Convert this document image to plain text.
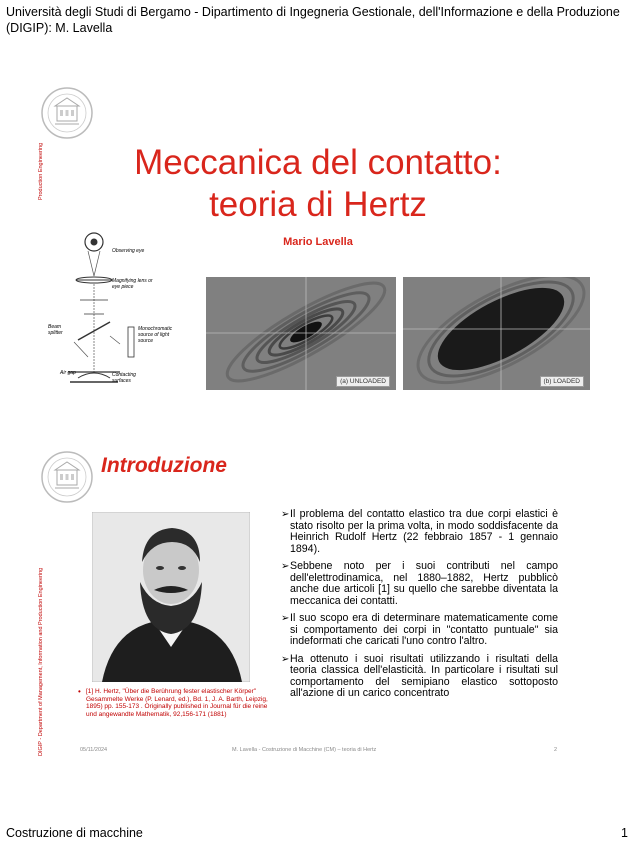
Università degli Studi di Bergamo - Dipartimento di Ingegneria Gestionale, dell'Informazione e della Produzione (DIGIP): M. Lavella
Production Engineering	Meccanica del contatto:
teoria di Hertz
Mario Lavella
Observing eye
Magnifying lens or eye piece
Beam splitter
Monochromatic source of light source
Air gap	Contacting surfaces	(a) UNLOADED	(b) LOADED
DIGIP - Department of Management, Information and Production Engineering
Introduzione
• [1] H. Hertz, "Über die Berührung fester elastischer Körper" Gesammelte Werke (P. Lenard, ed.), Bd. 1, J. A. Barth, Leipzig, 1895) pp. 155-173 . Originally published in Journal für die reine und angewandte Mathematik, 92,156-171 (1881)
➢ Il problema del contatto elastico tra due corpi elastici è stato risolto per la prima volta, in modo soddisfacente da Heinrich Rudolf Hertz (22 febbraio 1857 - 1 gennaio 1894).
➢ Sebbene noto per i suoi contributi nel campo dell'elettrodinamica, nel 1880–1882, Hertz pubblicò anche due articoli [1] su quello che sarebbe diventata la meccanica dei contatti.
➢ Il suo scopo era di determinare matematicamente come si comportamento dei corpi in "contatto puntuale" sia indeformati che caricati l'uno contro l'altro.
➢ Ha ottenuto i suoi risultati utilizzando i risultati della teoria classica dell'elasticità. In particolare i risultati sul comportamento del semipiano elastico sottoposto all'azione di un carico concentrato
05/11/2024	M. Lavella - Costruzione di Macchine (CM) – teoria di Hertz	2
Costruzione di macchine	1
